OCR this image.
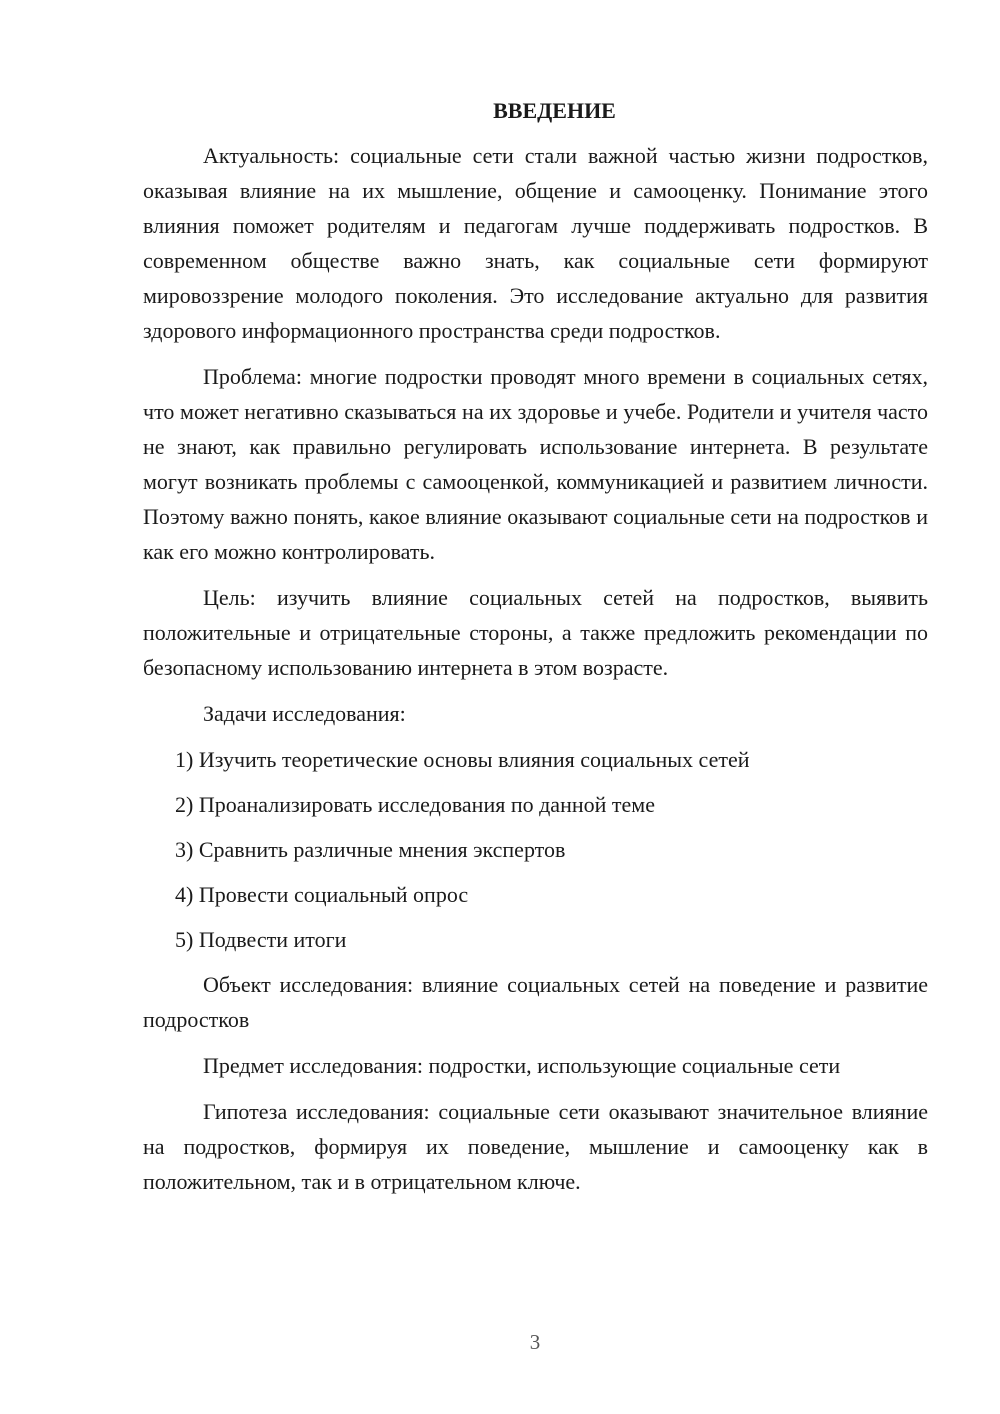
ВВЕДЕНИЕ

Актуальность: социальные сети стали важной частью жизни подростков, оказывая влияние на их мышление, общение и самооценку. Понимание этого влияния поможет родителям и педагогам лучше поддерживать подростков. В современном обществе важно знать, как социальные сети формируют мировоззрение молодого поколения. Это исследование актуально для развития здорового информационного пространства среди подростков.

Проблема: многие подростки проводят много времени в социальных сетях, что может негативно сказываться на их здоровье и учебе. Родители и учителя часто не знают, как правильно регулировать использование интернета. В результате могут возникать проблемы с самооценкой, коммуникацией и развитием личности. Поэтому важно понять, какое влияние оказывают социальные сети на подростков и как его можно контролировать.

Цель: изучить влияние социальных сетей на подростков, выявить положительные и отрицательные стороны, а также предложить рекомендации по безопасному использованию интернета в этом возрасте.

Задачи исследования:

1) Изучить теоретические основы влияния социальных сетей
2) Проанализировать исследования по данной теме
3) Сравнить различные мнения экспертов
4) Провести социальный опрос
5) Подвести итоги

Объект исследования: влияние социальных сетей на поведение и развитие подростков

Предмет исследования: подростки, использующие социальные сети

Гипотеза исследования: социальные сети оказывают значительное влияние на подростков, формируя их поведение, мышление и самооценку как в положительном, так и в отрицательном ключе.

3
